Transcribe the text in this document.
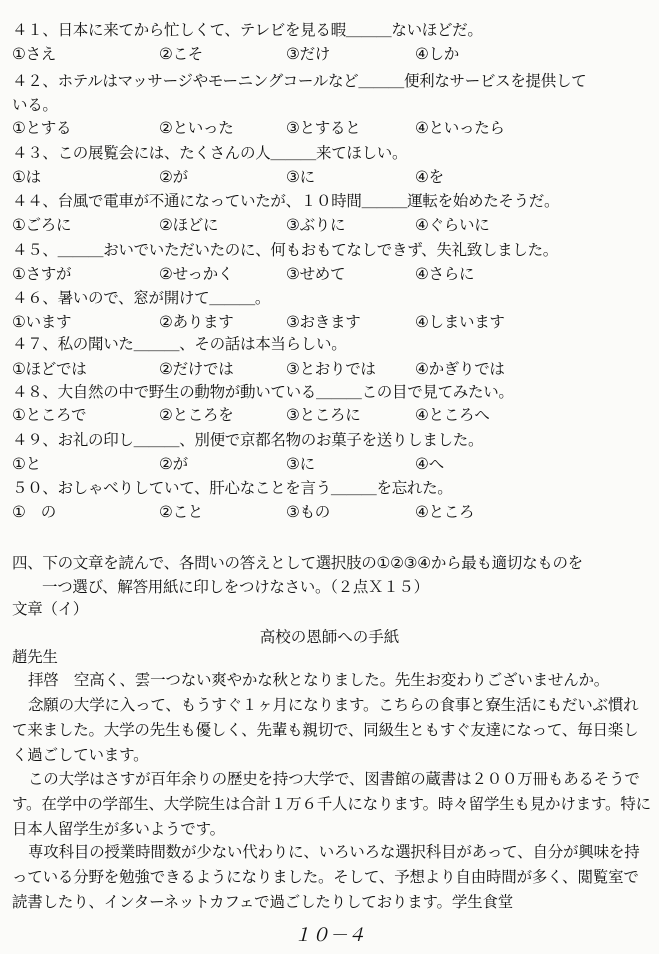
４１、日本に来てから忙しくて、テレビを見る暇＿＿＿ないほどだ。
①さえ	②こそ	③だけ	④しか
４２、ホテルはマッサージやモーニングコールなど＿＿＿便利なサービスを提供して
いる。
①とする	②といった	③とすると	④といったら
４３、この展覧会には、たくさんの人＿＿＿来てほしい。
①は	②が	③に	④を
４４、台風で電車が不通になっていたが、１０時間＿＿＿運転を始めたそうだ。
①ごろに	②ほどに	③ぶりに	④ぐらいに
４５、＿＿＿おいでいただいたのに、何もおもてなしできず、失礼致しました。
①さすが	②せっかく	③せめて	④さらに
４６、暑いので、窓が開けて＿＿＿。
①います	②あります	③おきます	④しまいます
４７、私の聞いた＿＿＿、その話は本当らしい。
①ほどでは	②だけでは	③とおりでは	④かぎりでは
４８、大自然の中で野生の動物が動いている＿＿＿この目で見てみたい。
①ところで	②ところを	③ところに	④ところへ
４９、お礼の印し＿＿＿、別便で京都名物のお菓子を送りしました。
①と	②が	③に	④へ
５０、おしゃべりしていて、肝心なことを言う＿＿＿を忘れた。
①　の	②こと	③もの	④ところ
四、下の文章を読んで、各問いの答えとして選択肢の①②③④から最も適切なものを
一つ選び、解答用紙に印しをつけなさい。（２点Ｘ１５）
文章（イ）
高校の恩師への手紙
趙先生
拝啓　空高く、雲一つない爽やかな秋となりました。先生お変わりございませんか。
念願の大学に入って、もうすぐ１ヶ月になります。こちらの食事と寮生活にもだいぶ慣れて来ました。大学の先生も優しく、先輩も親切で、同級生ともすぐ友達になって、毎日楽しく過ごしています。
この大学はさすが百年余りの歴史を持つ大学で、図書館の蔵書は２００万冊もあるそうです。在学中の学部生、大学院生は合計１万６千人になります。時々留学生も見かけます。特に日本人留学生が多いようです。
専攻科目の授業時間数が少ない代わりに、いろいろな選択科目があって、自分が興味を持っている分野を勉強できるようになりました。そして、予想より自由時間が多く、閲覧室で読書したり、インターネットカフェで過ごしたりしております。学生食堂
１０－４
